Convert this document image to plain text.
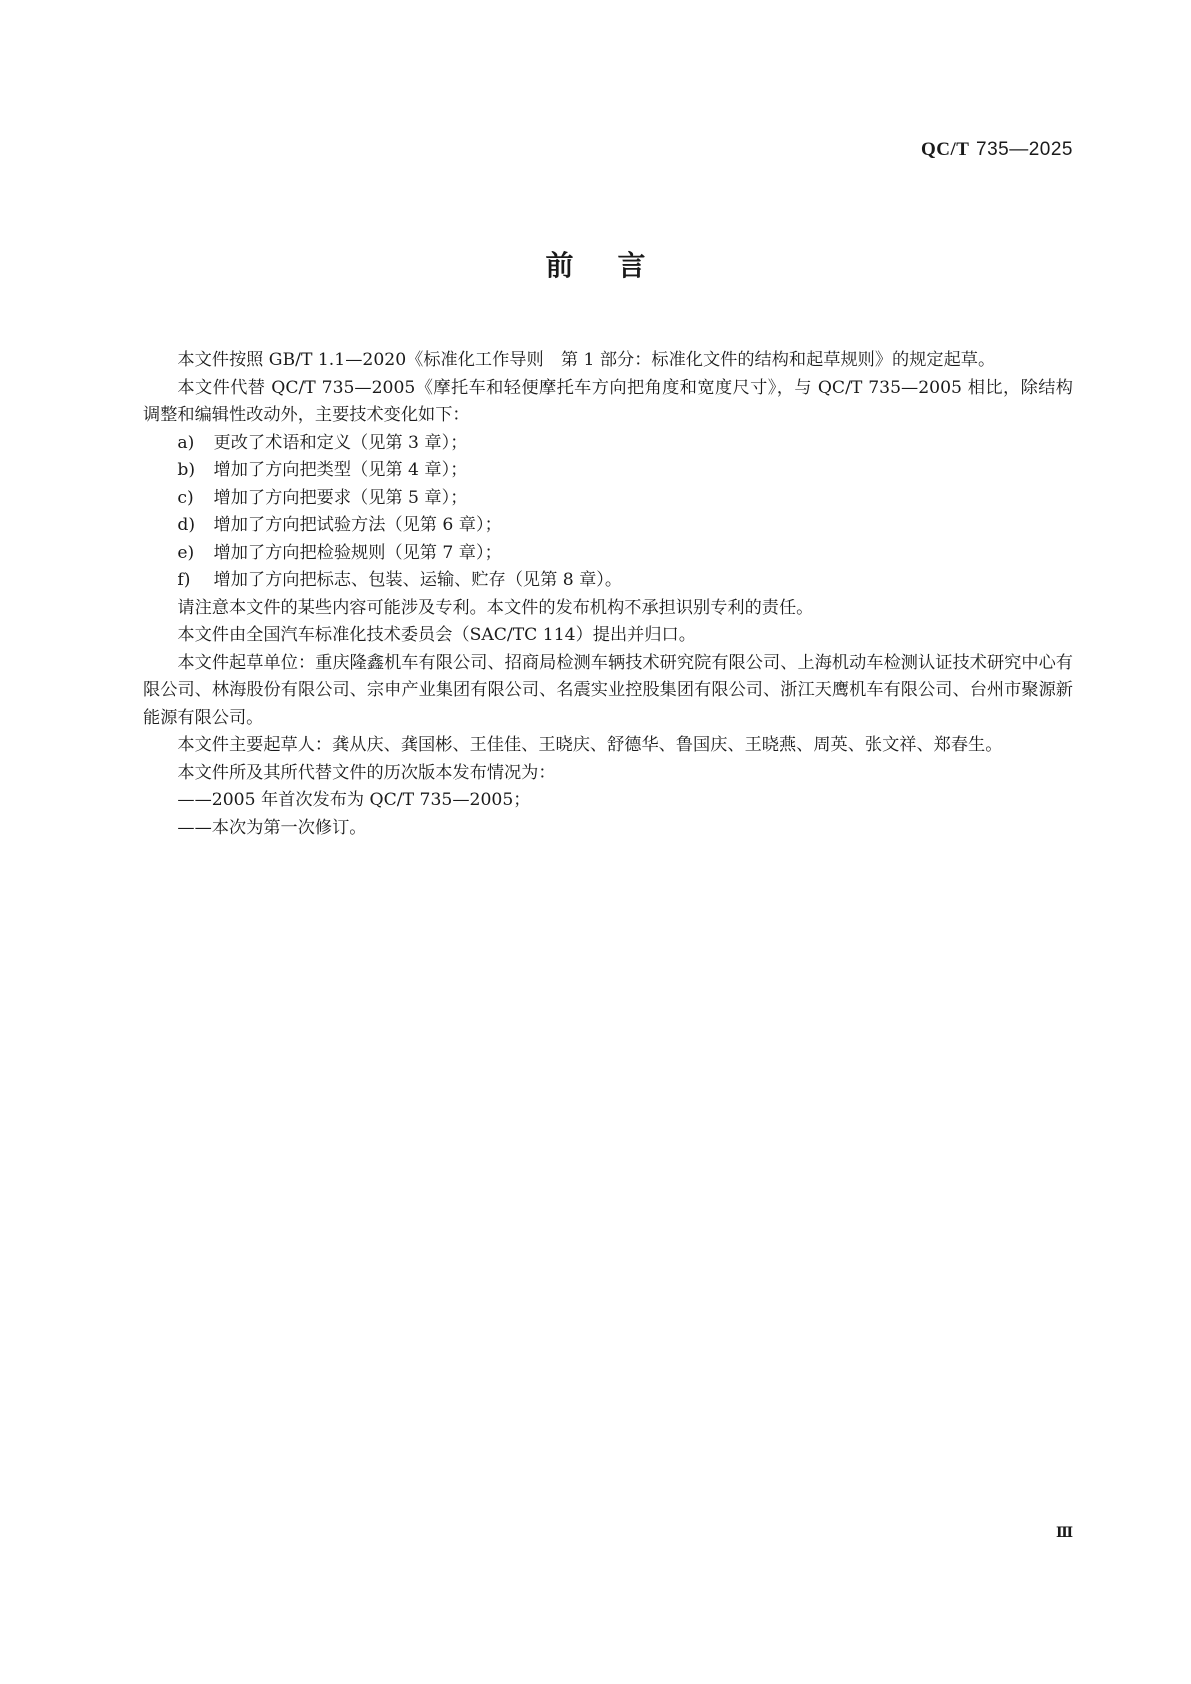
QC/T 735—2025
前言

本文件按照 GB/T 1.1—2020《标准化工作导则　第 1 部分：标准化文件的结构和起草规则》的规定起草。

本文件代替 QC/T 735—2005《摩托车和轻便摩托车方向把角度和宽度尺寸》，与 QC/T 735—2005 相比，除结构调整和编辑性改动外，主要技术变化如下：

a) 更改了术语和定义（见第 3 章）；

b) 增加了方向把类型（见第 4 章）；

c) 增加了方向把要求（见第 5 章）；

d) 增加了方向把试验方法（见第 6 章）；

e) 增加了方向把检验规则（见第 7 章）；

f) 增加了方向把标志、包装、运输、贮存（见第 8 章）。

请注意本文件的某些内容可能涉及专利。本文件的发布机构不承担识别专利的责任。

本文件由全国汽车标准化技术委员会（SAC/TC 114）提出并归口。

本文件起草单位：重庆隆鑫机车有限公司、招商局检测车辆技术研究院有限公司、上海机动车检测认证技术研究中心有限公司、林海股份有限公司、宗申产业集团有限公司、名震实业控股集团有限公司、浙江天鹰机车有限公司、台州市聚源新能源有限公司。

本文件主要起草人：龚从庆、龚国彬、王佳佳、王晓庆、舒德华、鲁国庆、王晓燕、周英、张文祥、郑春生。

本文件所及其所代替文件的历次版本发布情况为：

——2005 年首次发布为 QC/T 735—2005；

——本次为第一次修订。

Ⅲ
